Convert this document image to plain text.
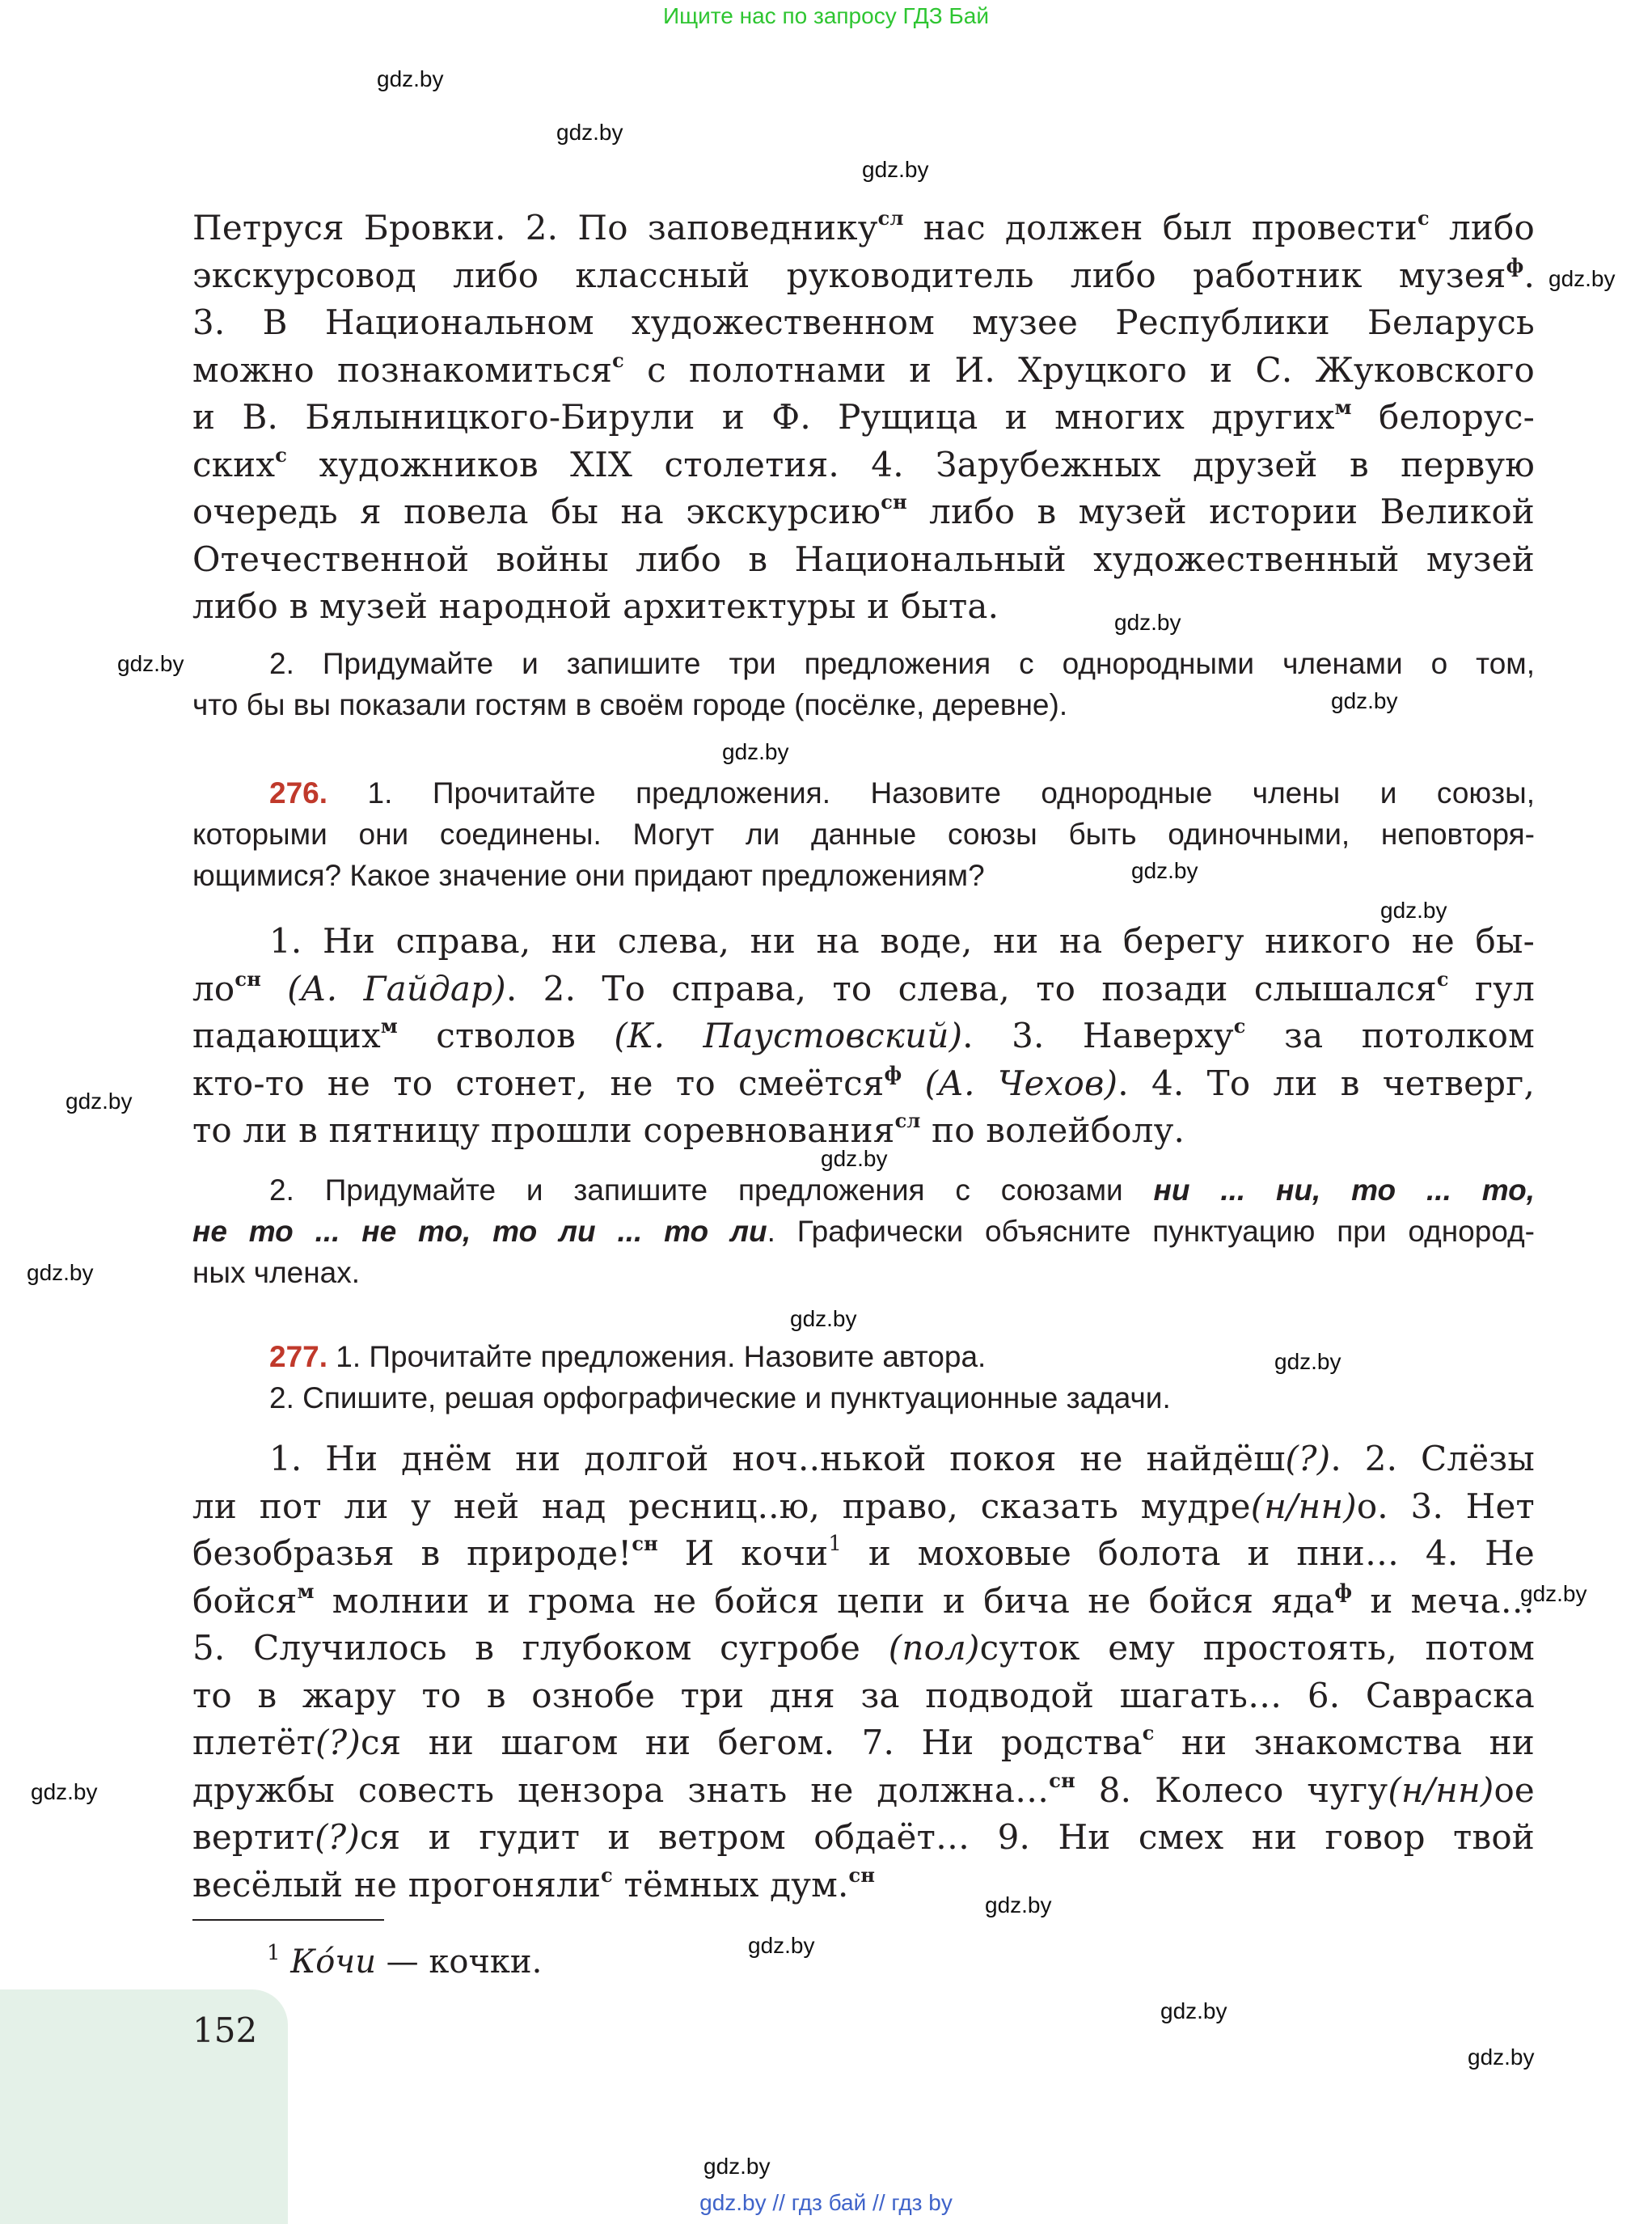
Ищите нас по запросу ГДЗ Бай
gdz.by
gdz.by
gdz.by
gdz.by
gdz.by
gdz.by
gdz.by
gdz.by
gdz.by
gdz.by
gdz.by
gdz.by
gdz.by
gdz.by
gdz.by
gdz.by
gdz.by
gdz.by
gdz.by
gdz.by
gdz.by
gdz.by
Петруся Бровки. 2. По заповеднику$^{сл}$ нас должен был провести$^с$ либо
экскурсовод либо классный руководитель либо работник музея$^ф$.
3. В Национальном художественном музее Республики Беларусь
можно познакомиться$^с$ с полотнами и И. Хруцкого и С. Жуковского
и В. Бялыницкого-Бирули и Ф. Рущица и многих других$^м$ белорус-
ских$^с$ художников XIX столетия. 4. Зарубежных друзей в первую
очередь я повела бы на экскурсию$^{сн}$ либо в музей истории Великой
Отечественной войны либо в Национальный художественный музей
либо в музей народной архитектуры и быта.
2. Придумайте и запишите три предложения с однородными членами о том,
что бы вы показали гостям в своём городе (посёлке, деревне).
276. 1. Прочитайте предложения. Назовите однородные члены и союзы,
которыми они соединены. Могут ли данные союзы быть одиночными, неповторя-
ющимися? Какое значение они придают предложениям?
1. Ни справа, ни слева, ни на воде, ни на берегу никого не бы-
$ло^{сн}$ (А. Гайдар). 2. То справа, то слева, то позади слышался$^с$ гул
падающих$^м$ стволов (К. Паустовский). 3. Наверху$^с$ за потолком
кто-то не то стонет, не то смеётся$^ф$ (А. Чехов). 4. То ли в четверг,
то ли в пятницу прошли соревнования$^{сл}$ по волейболу.
2. Придумайте и запишите предложения с союзами ни ... ни, то ... то,
не то ... не то, то ли ... то ли. Графически объясните пунктуацию при однород-
ных членах.
277. 1. Прочитайте предложения. Назовите автора.
2. Спишите, решая орфографические и пунктуационные задачи.
1. Ни днём ни долгой ноч..нькой покоя не найдёш(?). 2. Слёзы
ли пот ли у ней над ресниц..ю, право, сказать мудре(н/нн)о. 3. Нет
безобразья в природе!$^{сн}$ И кочи$^1$ и моховые болота и пни… 4. Не
бойся$^м$ молнии и грома не бойся цепи и бича не бойся яда$^ф$ и меча…
5. Случилось в глубоком сугробе (пол)суток ему простоять, потом
то в жару то в ознобе три дня за подводой шагать… 6. Савраска
плетёт(?)ся ни шагом ни бегом. 7. Ни родства$^с$ ни знакомства ни
дружбы совесть цензора знать не должна…$^{сн}$ 8. Колесо чугу(н/нн)ое
вертит(?)ся и гудит и ветром обдаёт… 9. Ни смех ни говор твой
весёлый не прогоняли$^с$ тёмных дум.$^{сн}$
$^1$ Ко́чи — кочки.
152
gdz.by // гдз бай // гдз by
